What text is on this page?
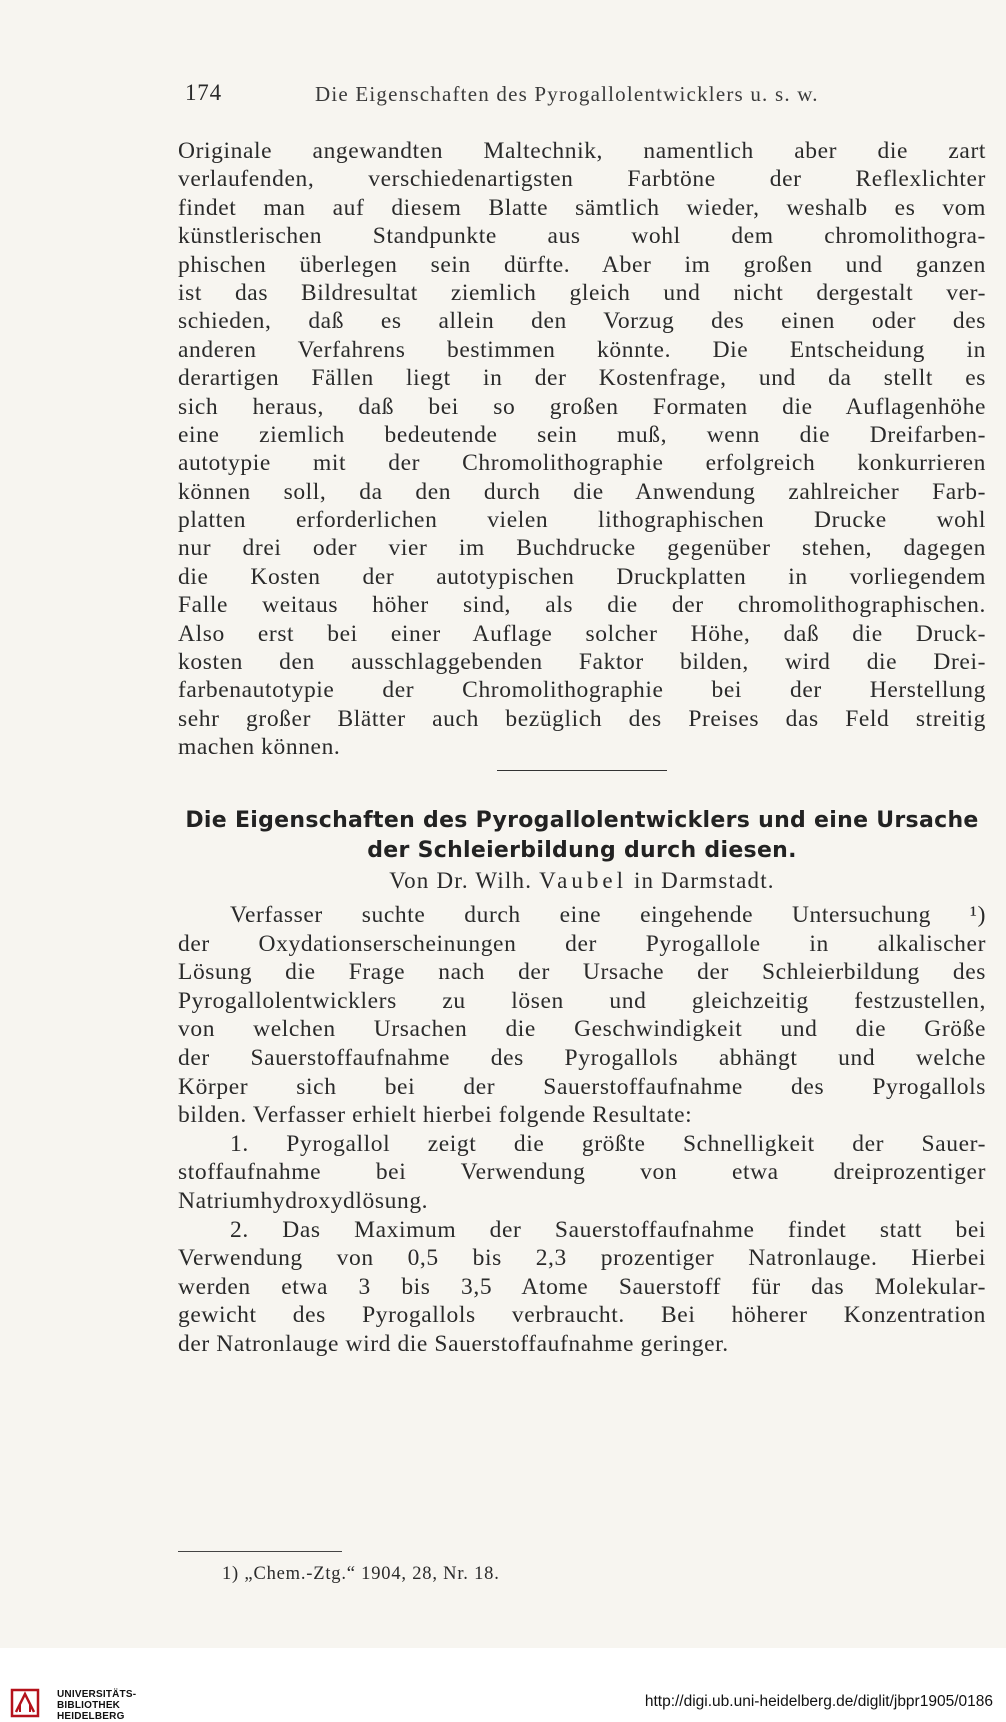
174	Die Eigenschaften des Pyrogallolentwicklers u. s. w.
Originale angewandten Maltechnik, namentlich aber die zart
verlaufenden, verschiedenartigsten Farbtöne der Reflexlichter
findet man auf diesem Blatte sämtlich wieder, weshalb es vom
künstlerischen Standpunkte aus wohl dem chromolithogra-
phischen überlegen sein dürfte. Aber im großen und ganzen
ist das Bildresultat ziemlich gleich und nicht dergestalt ver-
schieden, daß es allein den Vorzug des einen oder des
anderen Verfahrens bestimmen könnte. Die Entscheidung in
derartigen Fällen liegt in der Kostenfrage, und da stellt es
sich heraus, daß bei so großen Formaten die Auflagenhöhe
eine ziemlich bedeutende sein muß, wenn die Dreifarben-
autotypie mit der Chromolithographie erfolgreich konkurrieren
können soll, da den durch die Anwendung zahlreicher Farb-
platten erforderlichen vielen lithographischen Drucke wohl
nur drei oder vier im Buchdrucke gegenüber stehen, dagegen
die Kosten der autotypischen Druckplatten in vorliegendem
Falle weitaus höher sind, als die der chromolithographischen.
Also erst bei einer Auflage solcher Höhe, daß die Druck-
kosten den ausschlaggebenden Faktor bilden, wird die Drei-
farbenautotypie der Chromolithographie bei der Herstellung
sehr großer Blätter auch bezüglich des Preises das Feld streitig
machen können.
Die Eigenschaften des Pyrogallolentwicklers und eine Ursache
der Schleierbildung durch diesen.
Von Dr. Wilh. Vaubel in Darmstadt.
Verfasser suchte durch eine eingehende Untersuchung ¹)
der Oxydationserscheinungen der Pyrogallole in alkalischer
Lösung die Frage nach der Ursache der Schleierbildung des
Pyrogallolentwicklers zu lösen und gleichzeitig festzustellen,
von welchen Ursachen die Geschwindigkeit und die Größe
der Sauerstoffaufnahme des Pyrogallols abhängt und welche
Körper sich bei der Sauerstoffaufnahme des Pyrogallols
bilden. Verfasser erhielt hierbei folgende Resultate:
1. Pyrogallol zeigt die größte Schnelligkeit der Sauer-
stoffaufnahme bei Verwendung von etwa dreiprozentiger
Natriumhydroxydlösung.
2. Das Maximum der Sauerstoffaufnahme findet statt bei
Verwendung von 0,5 bis 2,3 prozentiger Natronlauge. Hierbei
werden etwa 3 bis 3,5 Atome Sauerstoff für das Molekular-
gewicht des Pyrogallols verbraucht. Bei höherer Konzentration
der Natronlauge wird die Sauerstoffaufnahme geringer.
1) „Chem.-Ztg.“ 1904, 28, Nr. 18.
UNIVERSITÄTS-
BIBLIOTHEK
HEIDELBERG
http://digi.ub.uni-heidelberg.de/diglit/jbpr1905/0186
